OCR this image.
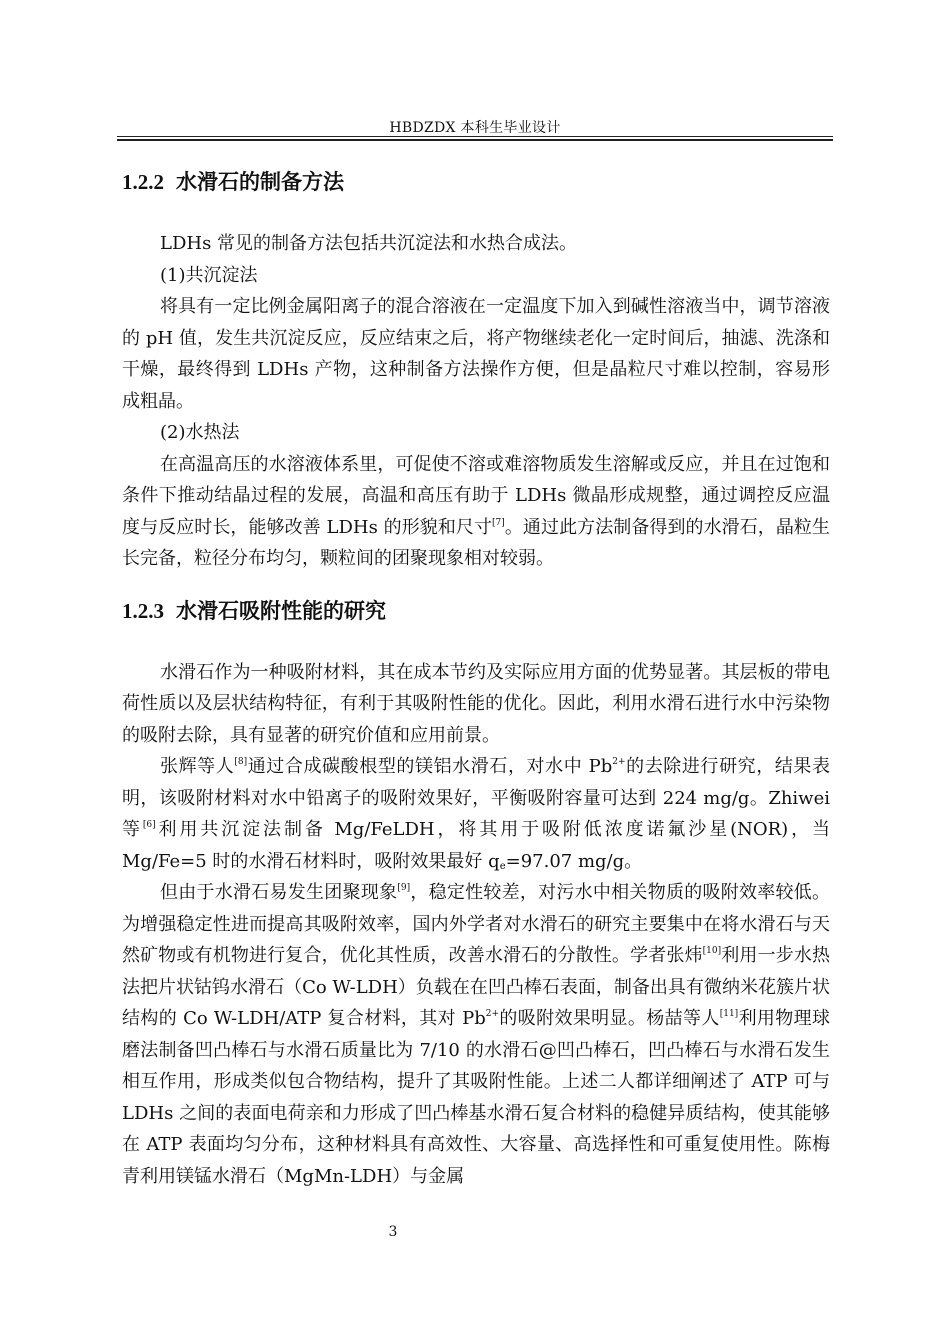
HBDZDX 本科生毕业设计
1.2.2 水滑石的制备方法

LDHs 常见的制备方法包括共沉淀法和水热合成法。

(1)共沉淀法

将具有一定比例金属阳离子的混合溶液在一定温度下加入到碱性溶液当中，调节溶液的 pH 值，发生共沉淀反应，反应结束之后，将产物继续老化一定时间后，抽滤、洗涤和干燥，最终得到 LDHs 产物，这种制备方法操作方便，但是晶粒尺寸难以控制，容易形成粗晶。

(2)水热法

在高温高压的水溶液体系里，可促使不溶或难溶物质发生溶解或反应，并且在过饱和条件下推动结晶过程的发展，高温和高压有助于 LDHs 微晶形成规整，通过调控反应温度与反应时长，能够改善 LDHs 的形貌和尺寸[7]。通过此方法制备得到的水滑石，晶粒生长完备，粒径分布均匀，颗粒间的团聚现象相对较弱。

1.2.3 水滑石吸附性能的研究

水滑石作为一种吸附材料，其在成本节约及实际应用方面的优势显著。其层板的带电荷性质以及层状结构特征，有利于其吸附性能的优化。因此，利用水滑石进行水中污染物的吸附去除，具有显著的研究价值和应用前景。

张辉等人[8]通过合成碳酸根型的镁铝水滑石，对水中 $Pb^{2+}$的去除进行研究，结果表明，该吸附材料对水中铅离子的吸附效果好，平衡吸附容量可达到 224 mg/g。Zhiwei 等[6]利用共沉淀法制备 Mg/FeLDH，将其用于吸附低浓度诺氟沙星(NOR)，当 Mg/Fe=5 时的水滑石材料时，吸附效果最好 $q_e=97.07$ mg/g。

但由于水滑石易发生团聚现象[9]，稳定性较差，对污水中相关物质的吸附效率较低。为增强稳定性进而提高其吸附效率，国内外学者对水滑石的研究主要集中在将水滑石与天然矿物或有机物进行复合，优化其性质，改善水滑石的分散性。学者张炜[10]利用一步水热法把片状钴钨水滑石（Co W-LDH）负载在在凹凸棒石表面，制备出具有微纳米花簇片状结构的 Co W-LDH/ATP 复合材料，其对 $Pb^{2+}$的吸附效果明显。杨喆等人[11]利用物理球磨法制备凹凸棒石与水滑石质量比为 7/10 的水滑石@凹凸棒石，凹凸棒石与水滑石发生相互作用，形成类似包合物结构，提升了其吸附性能。上述二人都详细阐述了 ATP 可与 LDHs 之间的表面电荷亲和力形成了凹凸棒基水滑石复合材料的稳健异质结构，使其能够在 ATP 表面均匀分布，这种材料具有高效性、大容量、高选择性和可重复使用性。陈梅青利用镁锰水滑石（MgMn-LDH）与金属

3
